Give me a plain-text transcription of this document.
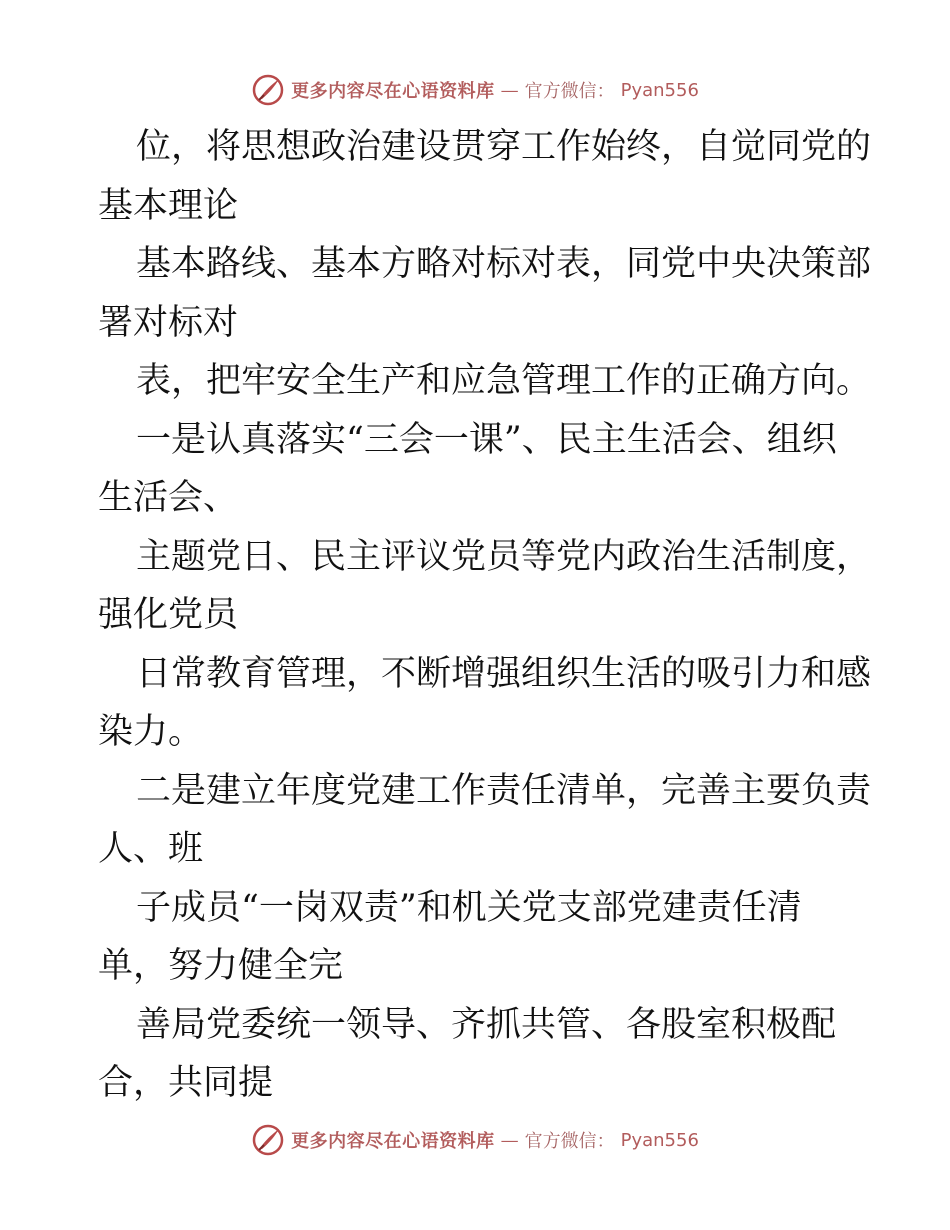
更多内容尽在心语资料库 — 官方微信： Pyan556
位，将思想政治建设贯穿工作始终，自觉同党的
基本理论
基本路线、基本方略对标对表，同党中央决策部
署对标对
表，把牢安全生产和应急管理工作的正确方向。
一是认真落实“三会一课”、民主生活会、组织
生活会、
主题党日、民主评议党员等党内政治生活制度，
强化党员
日常教育管理，不断增强组织生活的吸引力和感
染力。
二是建立年度党建工作责任清单，完善主要负责
人、班
子成员“一岗双责”和机关党支部党建责任清
单，努力健全完
善局党委统一领导、齐抓共管、各股室积极配
合，共同提
更多内容尽在心语资料库 — 官方微信： Pyan556
